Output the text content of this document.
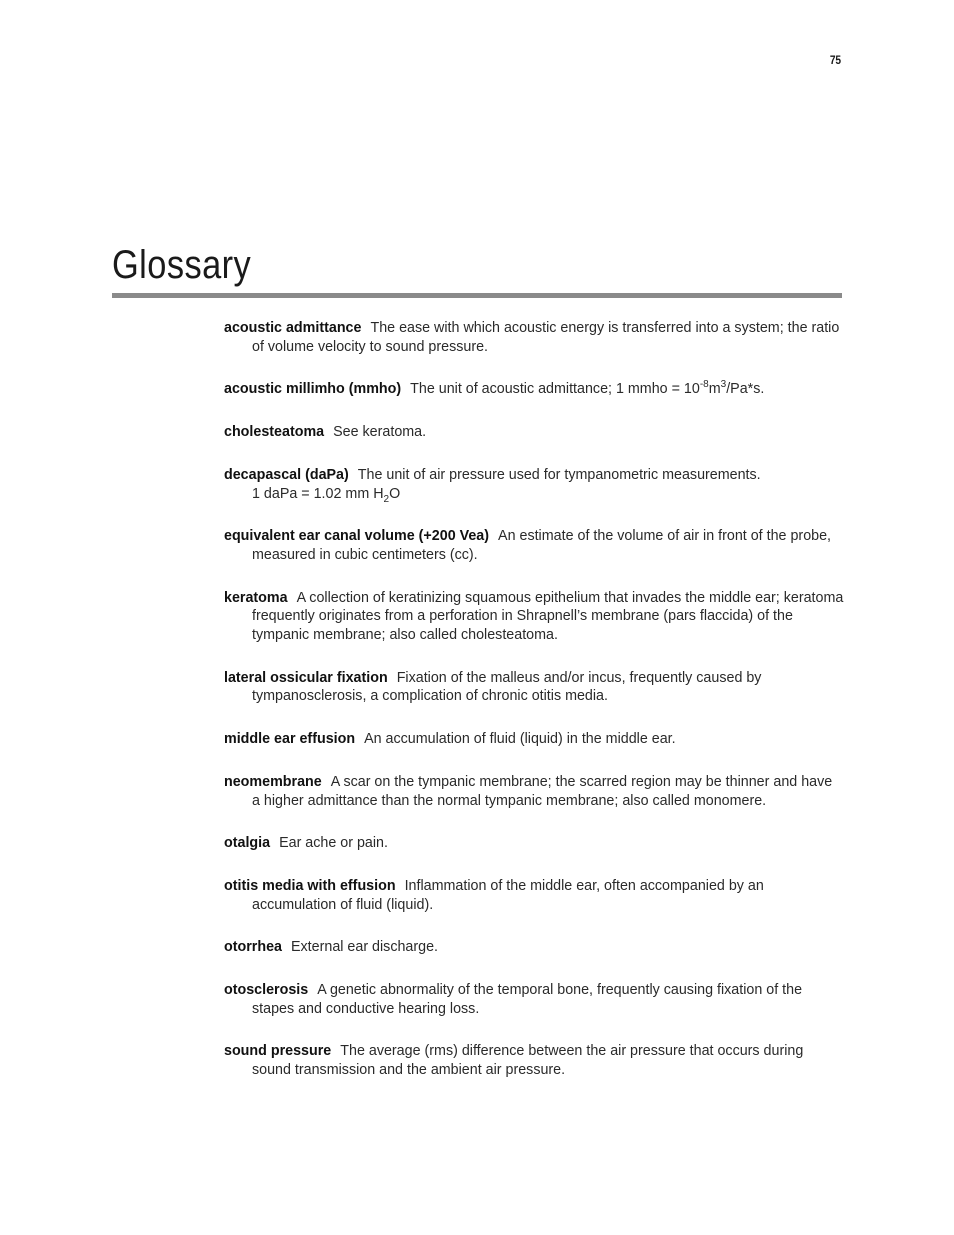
75
Glossary

acoustic admittance The ease with which acoustic energy is transferred into a system; the ratio of volume velocity to sound pressure.

acoustic millimho (mmho) The unit of acoustic admittance; 1 mmho = $10^{-8}m^3/Pa*s$.

cholesteatoma See keratoma.

decapascal (daPa) The unit of air pressure used for tympanometric measurements.
1 daPa = 1.02 mm $H_2O$

equivalent ear canal volume (+200 Vea) An estimate of the volume of air in front of the probe, measured in cubic centimeters (cc).

keratoma A collection of keratinizing squamous epithelium that invades the middle ear; keratoma frequently originates from a perforation in Shrapnell’s membrane (pars flaccida) of the tympanic membrane; also called cholesteatoma.

lateral ossicular fixation Fixation of the malleus and/or incus, frequently caused by tympanosclerosis, a complication of chronic otitis media.

middle ear effusion An accumulation of fluid (liquid) in the middle ear.

neomembrane A scar on the tympanic membrane; the scarred region may be thinner and have a higher admittance than the normal tympanic membrane; also called monomere.

otalgia Ear ache or pain.

otitis media with effusion Inflammation of the middle ear, often accompanied by an accumulation of fluid (liquid).

otorrhea External ear discharge.

otosclerosis A genetic abnormality of the temporal bone, frequently causing fixation of the stapes and conductive hearing loss.

sound pressure The average (rms) difference between the air pressure that occurs during sound transmission and the ambient air pressure.
